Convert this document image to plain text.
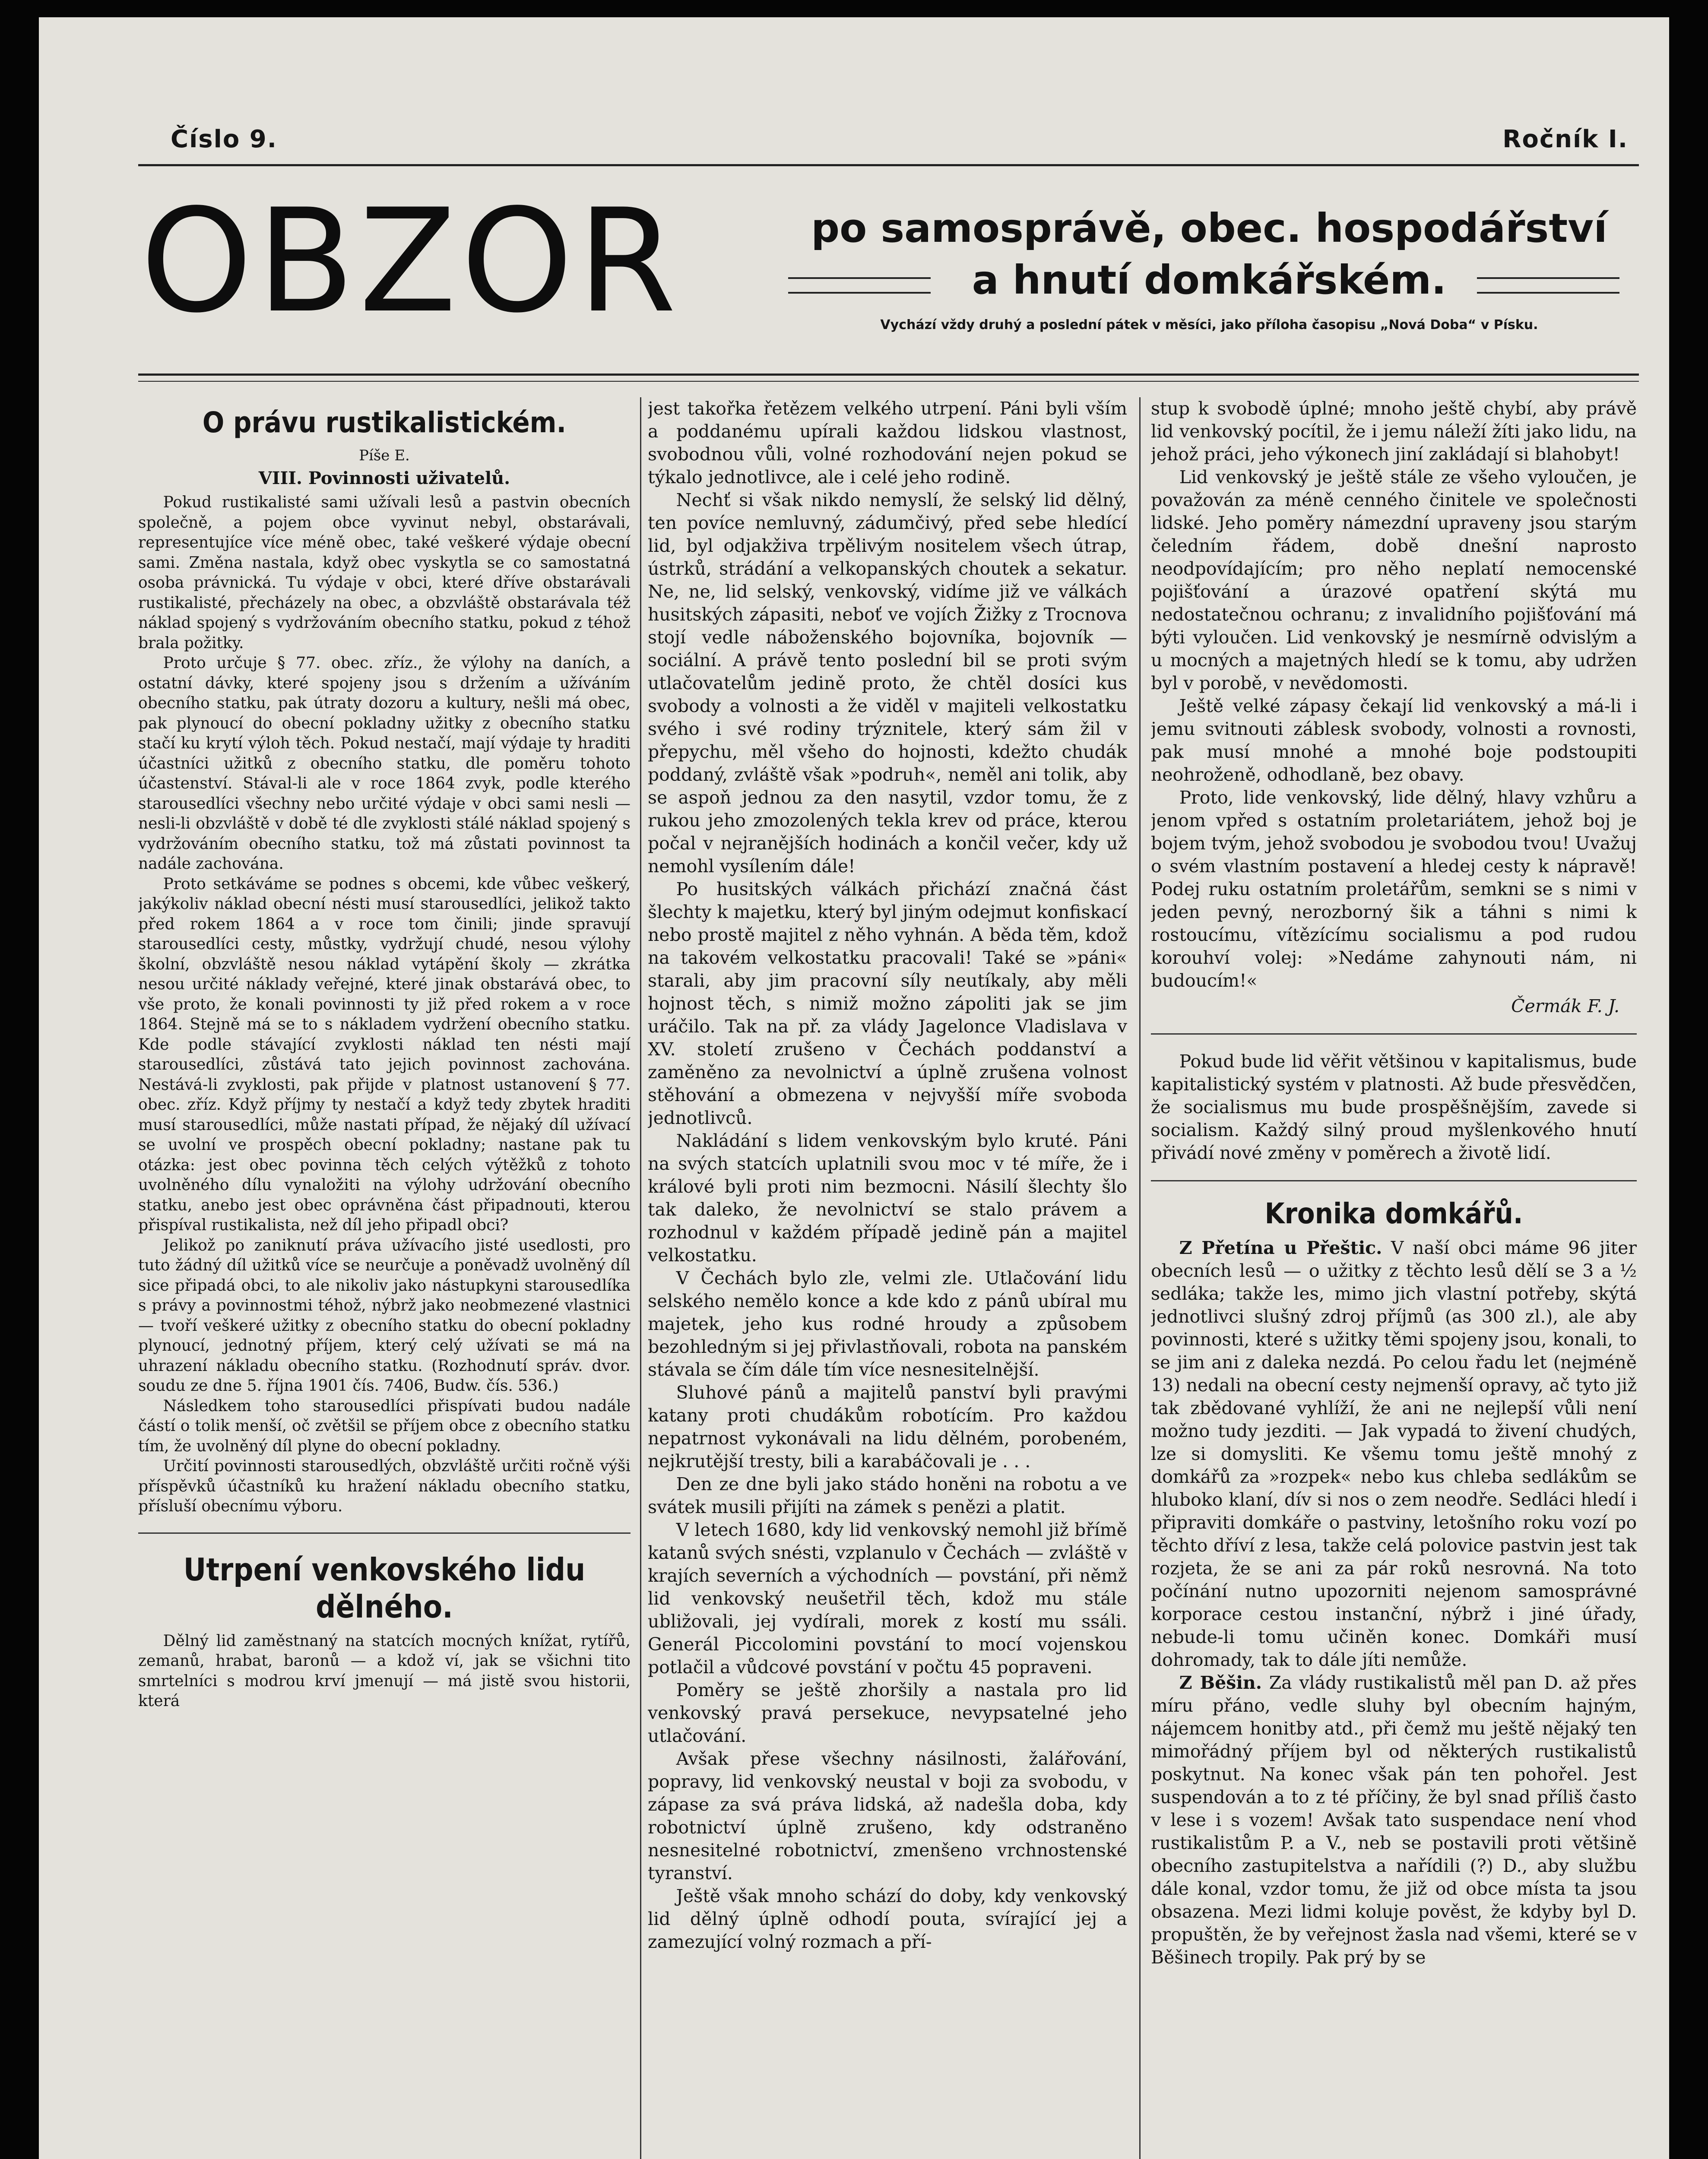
Číslo 9.	Ročník I.
OBZOR	po samosprávě, obec. hospodářství
a hnutí domkářském.
Vychází vždy druhý a poslední pátek v měsíci, jako příloha časopisu „Nová Doba“ v Písku.
O právu rustikalistickém.
Píše E.
VIII. Povinnosti uživatelů.

Pokud rustikalisté sami užívali lesů a pastvin obecních společně, a pojem obce vyvinut nebyl, obstarávali, representujíce více méně obec, také veškeré výdaje obecní sami. Změna nastala, když obec vyskytla se co samostatná osoba právnická. Tu výdaje v obci, které dříve obstarávali rustikalisté, přecházely na obec, a obzvláště obstarávala též náklad spojený s vydržováním obecního statku, pokud z téhož brala požitky.

Proto určuje § 77. obec. zříz., že výlohy na daních, a ostatní dávky, které spojeny jsou s držením a užíváním obecního statku, pak útraty dozoru a kultury, nešli má obec, pak plynoucí do obecní pokladny užitky z obecního statku stačí ku krytí výloh těch. Pokud nestačí, mají výdaje ty hraditi účastníci užitků z obecního statku, dle poměru tohoto účastenství. Stával-li ale v roce 1864 zvyk, podle kterého starousedlíci všechny nebo určité výdaje v obci sami nesli — nesli-li obzvláště v době té dle zvyklosti stálé náklad spojený s vydržováním obecního statku, tož má zůstati povinnost ta nadále zachována.

Proto setkáváme se podnes s obcemi, kde vůbec veškerý, jakýkoliv náklad obecní nésti musí starousedlíci, jelikož takto před rokem 1864 a v roce tom činili; jinde spravují starousedlíci cesty, můstky, vydržují chudé, nesou výlohy školní, obzvláště nesou náklad vytápění školy — zkrátka nesou určité náklady veřejné, které jinak obstarává obec, to vše proto, že konali povinnosti ty již před rokem a v roce 1864. Stejně má se to s nákladem vydržení obecního statku. Kde podle stávající zvyklosti náklad ten nésti mají starousedlíci, zůstává tato jejich povinnost zachována. Nestává-li zvyklosti, pak přijde v platnost ustanovení § 77. obec. zříz. Když příjmy ty nestačí a když tedy zbytek hraditi musí starousedlíci, může nastati případ, že nějaký díl užívací se uvolní ve prospěch obecní pokladny; nastane pak tu otázka: jest obec povinna těch celých výtěžků z tohoto uvolněného dílu vynaložiti na výlohy udržování obecního statku, anebo jest obec oprávněna část připadnouti, kterou přispíval rustikalista, než díl jeho připadl obci?

Jelikož po zaniknutí práva užívacího jisté usedlosti, pro tuto žádný díl užitků více se neurčuje a poněvadž uvolněný díl sice připadá obci, to ale nikoliv jako nástupkyni starousedlíka s právy a povinnostmi téhož, nýbrž jako neobmezené vlastnici — tvoří veškeré užitky z obecního statku do obecní pokladny plynoucí, jednotný příjem, který celý užívati se má na uhrazení nákladu obecního statku. (Rozhodnutí správ. dvor. soudu ze dne 5. října 1901 čís. 7406, Budw. čís. 536.)

Následkem toho starousedlíci přispívati budou nadále částí o tolik menší, oč zvětšil se příjem obce z obecního statku tím, že uvolněný díl plyne do obecní pokladny.

Určití povinnosti starousedlých, obzvláště určiti ročně výši příspěvků účastníků ku hražení nákladu obecního statku, přísluší obecnímu výboru.

Utrpení venkovského lidu dělného.

Dělný lid zaměstnaný na statcích mocných knížat, rytířů, zemanů, hrabat, baronů — a kdož ví, jak se všichni tito smrtelníci s modrou krví jmenují — má jistě svou historii, která

jest takořka řetězem velkého utrpení. Páni byli vším a poddanému upírali každou lidskou vlastnost, svobodnou vůli, volné rozhodování nejen pokud se týkalo jednotlivce, ale i celé jeho rodině.

Nechť si však nikdo nemyslí, že selský lid dělný, ten povíce nemluvný, zádumčivý, před sebe hledící lid, byl odjakživa trpělivým nositelem všech útrap, ústrků, strádání a velkopanských choutek a sekatur. Ne, ne, lid selský, venkovský, vidíme již ve válkách husitských zápasiti, neboť ve vojích Žižky z Trocnova stojí vedle náboženského bojovníka, bojovník — sociální. A právě tento poslední bil se proti svým utlačovatelům jedině proto, že chtěl dosíci kus svobody a volnosti a že viděl v majiteli velkostatku svého i své rodiny trýznitele, který sám žil v přepychu, měl všeho do hojnosti, kdežto chudák poddaný, zvláště však »podruh«, neměl ani tolik, aby se aspoň jednou za den nasytil, vzdor tomu, že z rukou jeho zmozolených tekla krev od práce, kterou počal v nejranějších hodinách a končil večer, kdy už nemohl vysílením dále!

Po husitských válkách přichází značná část šlechty k majetku, který byl jiným odejmut konfiskací nebo prostě majitel z něho vyhnán. A běda těm, kdož na takovém velkostatku pracovali! Také se »páni« starali, aby jim pracovní síly neutíkaly, aby měli hojnost těch, s nimiž možno zápoliti jak se jim uráčilo. Tak na př. za vlády Jagelonce Vladislava v XV. století zrušeno v Čechách poddanství a zaměněno za nevolnictví a úplně zrušena volnost stěhování a obmezena v nejvyšší míře svoboda jednotlivců.

Nakládání s lidem venkovským bylo kruté. Páni na svých statcích uplatnili svou moc v té míře, že i králové byli proti nim bezmocni. Násilí šlechty šlo tak daleko, že nevolnictví se stalo právem a rozhodnul v každém případě jedině pán a majitel velkostatku.

V Čechách bylo zle, velmi zle. Utlačování lidu selského nemělo konce a kde kdo z pánů ubíral mu majetek, jeho kus rodné hroudy a způsobem bezohledným si jej přivlastňovali, robota na panském stávala se čím dále tím více nesnesitelnější.

Sluhové pánů a majitelů panství byli pravými katany proti chudákům robotícím. Pro každou nepatrnost vykonávali na lidu dělném, porobeném, nejkrutější tresty, bili a karabáčovali je . . .

Den ze dne byli jako stádo honěni na robotu a ve svátek musili přijíti na zámek s penězi a platit.

V letech 1680, kdy lid venkovský nemohl již břímě katanů svých snésti, vzplanulo v Čechách — zvláště v krajích severních a východních — povstání, při němž lid venkovský neušetřil těch, kdož mu stále ubližovali, jej vydírali, morek z kostí mu ssáli. Generál Piccolomini povstání to mocí vojenskou potlačil a vůdcové povstání v počtu 45 popraveni.

Poměry se ještě zhoršily a nastala pro lid venkovský pravá persekuce, nevypsatelné jeho utlačování.

Avšak přese všechny násilnosti, žalářování, popravy, lid venkovský neustal v boji za svobodu, v zápase za svá práva lidská, až nadešla doba, kdy robotnictví úplně zrušeno, kdy odstraněno nesnesitelné robotnictví, zmenšeno vrchnostenské tyranství.

Ještě však mnoho schází do doby, kdy venkovský lid dělný úplně odhodí pouta, svírající jej a zamezující volný rozmach a pří-

stup k svobodě úplné; mnoho ještě chybí, aby právě lid venkovský pocítil, že i jemu náleží žíti jako lidu, na jehož práci, jeho výkonech jiní zakládají si blahobyt!

Lid venkovský je ještě stále ze všeho vyloučen, je považován za méně cenného činitele ve společnosti lidské. Jeho poměry námezdní upraveny jsou starým čeledním řádem, době dnešní naprosto neodpovídajícím; pro něho neplatí nemocenské pojišťování a úrazové opatření skýtá mu nedostatečnou ochranu; z invalidního pojišťování má býti vyloučen. Lid venkovský je nesmírně odvislým a u mocných a majetných hledí se k tomu, aby udržen byl v porobě, v nevědomosti.

Ještě velké zápasy čekají lid venkovský a má-li i jemu svitnouti záblesk svobody, volnosti a rovnosti, pak musí mnohé a mnohé boje podstoupiti neohroženě, odhodlaně, bez obavy.

Proto, lide venkovský, lide dělný, hlavy vzhůru a jenom vpřed s ostatním proletariátem, jehož boj je bojem tvým, jehož svobodou je svobodou tvou! Uvažuj o svém vlastním postavení a hledej cesty k nápravě! Podej ruku ostatním proletářům, semkni se s nimi v jeden pevný, nerozborný šik a táhni s nimi k rostoucímu, vítězícímu socialismu a pod rudou korouhví volej: »Nedáme zahynouti nám, ni budoucím!«

Čermák F. J.

Pokud bude lid věřit většinou v kapitalismus, bude kapitalistický systém v platnosti. Až bude přesvědčen, že socialismus mu bude prospěšnějším, zavede si socialism. Každý silný proud myšlenkového hnutí přivádí nové změny v poměrech a životě lidí.

Kronika domkářů.

Z Přetína u Přeštic. V naší obci máme 96 jiter obecních lesů — o užitky z těchto lesů dělí se 3 a ½ sedláka; takže les, mimo jich vlastní potřeby, skýtá jednotlivci slušný zdroj příjmů (as 300 zl.), ale aby povinnosti, které s užitky těmi spojeny jsou, konali, to se jim ani z daleka nezdá. Po celou řadu let (nejméně 13) nedali na obecní cesty nejmenší opravy, ač tyto již tak zbědované vyhlíží, že ani ne nejlepší vůli není možno tudy jezditi. — Jak vypadá to živení chudých, lze si domysliti. Ke všemu tomu ještě mnohý z domkářů za »rozpek« nebo kus chleba sedlákům se hluboko klaní, dív si nos o zem neodře. Sedláci hledí i připraviti domkáře o pastviny, letošního roku vozí po těchto dříví z lesa, takže celá polovice pastvin jest tak rozjeta, že se ani za pár roků nesrovná. Na toto počínání nutno upozorniti nejenom samosprávné korporace cestou instanční, nýbrž i jiné úřady, nebude-li tomu učiněn konec. Domkáři musí dohromady, tak to dále jíti nemůže.

Z Běšin. Za vlády rustikalistů měl pan D. až přes míru přáno, vedle sluhy byl obecním hajným, nájemcem honitby atd., při čemž mu ještě nějaký ten mimořádný příjem byl od některých rustikalistů poskytnut. Na konec však pán ten pohořel. Jest suspendován a to z té příčiny, že byl snad příliš často v lese i s vozem! Avšak tato suspendace není vhod rustikalistům P. a V., neb se postavili proti většině obecního zastupitelstva a nařídili (?) D., aby službu dále konal, vzdor tomu, že již od obce místa ta jsou obsazena. Mezi lidmi koluje pověst, že kdyby byl D. propuštěn, že by veřejnost žasla nad všemi, které se v Běšinech tropily. Pak prý by se
